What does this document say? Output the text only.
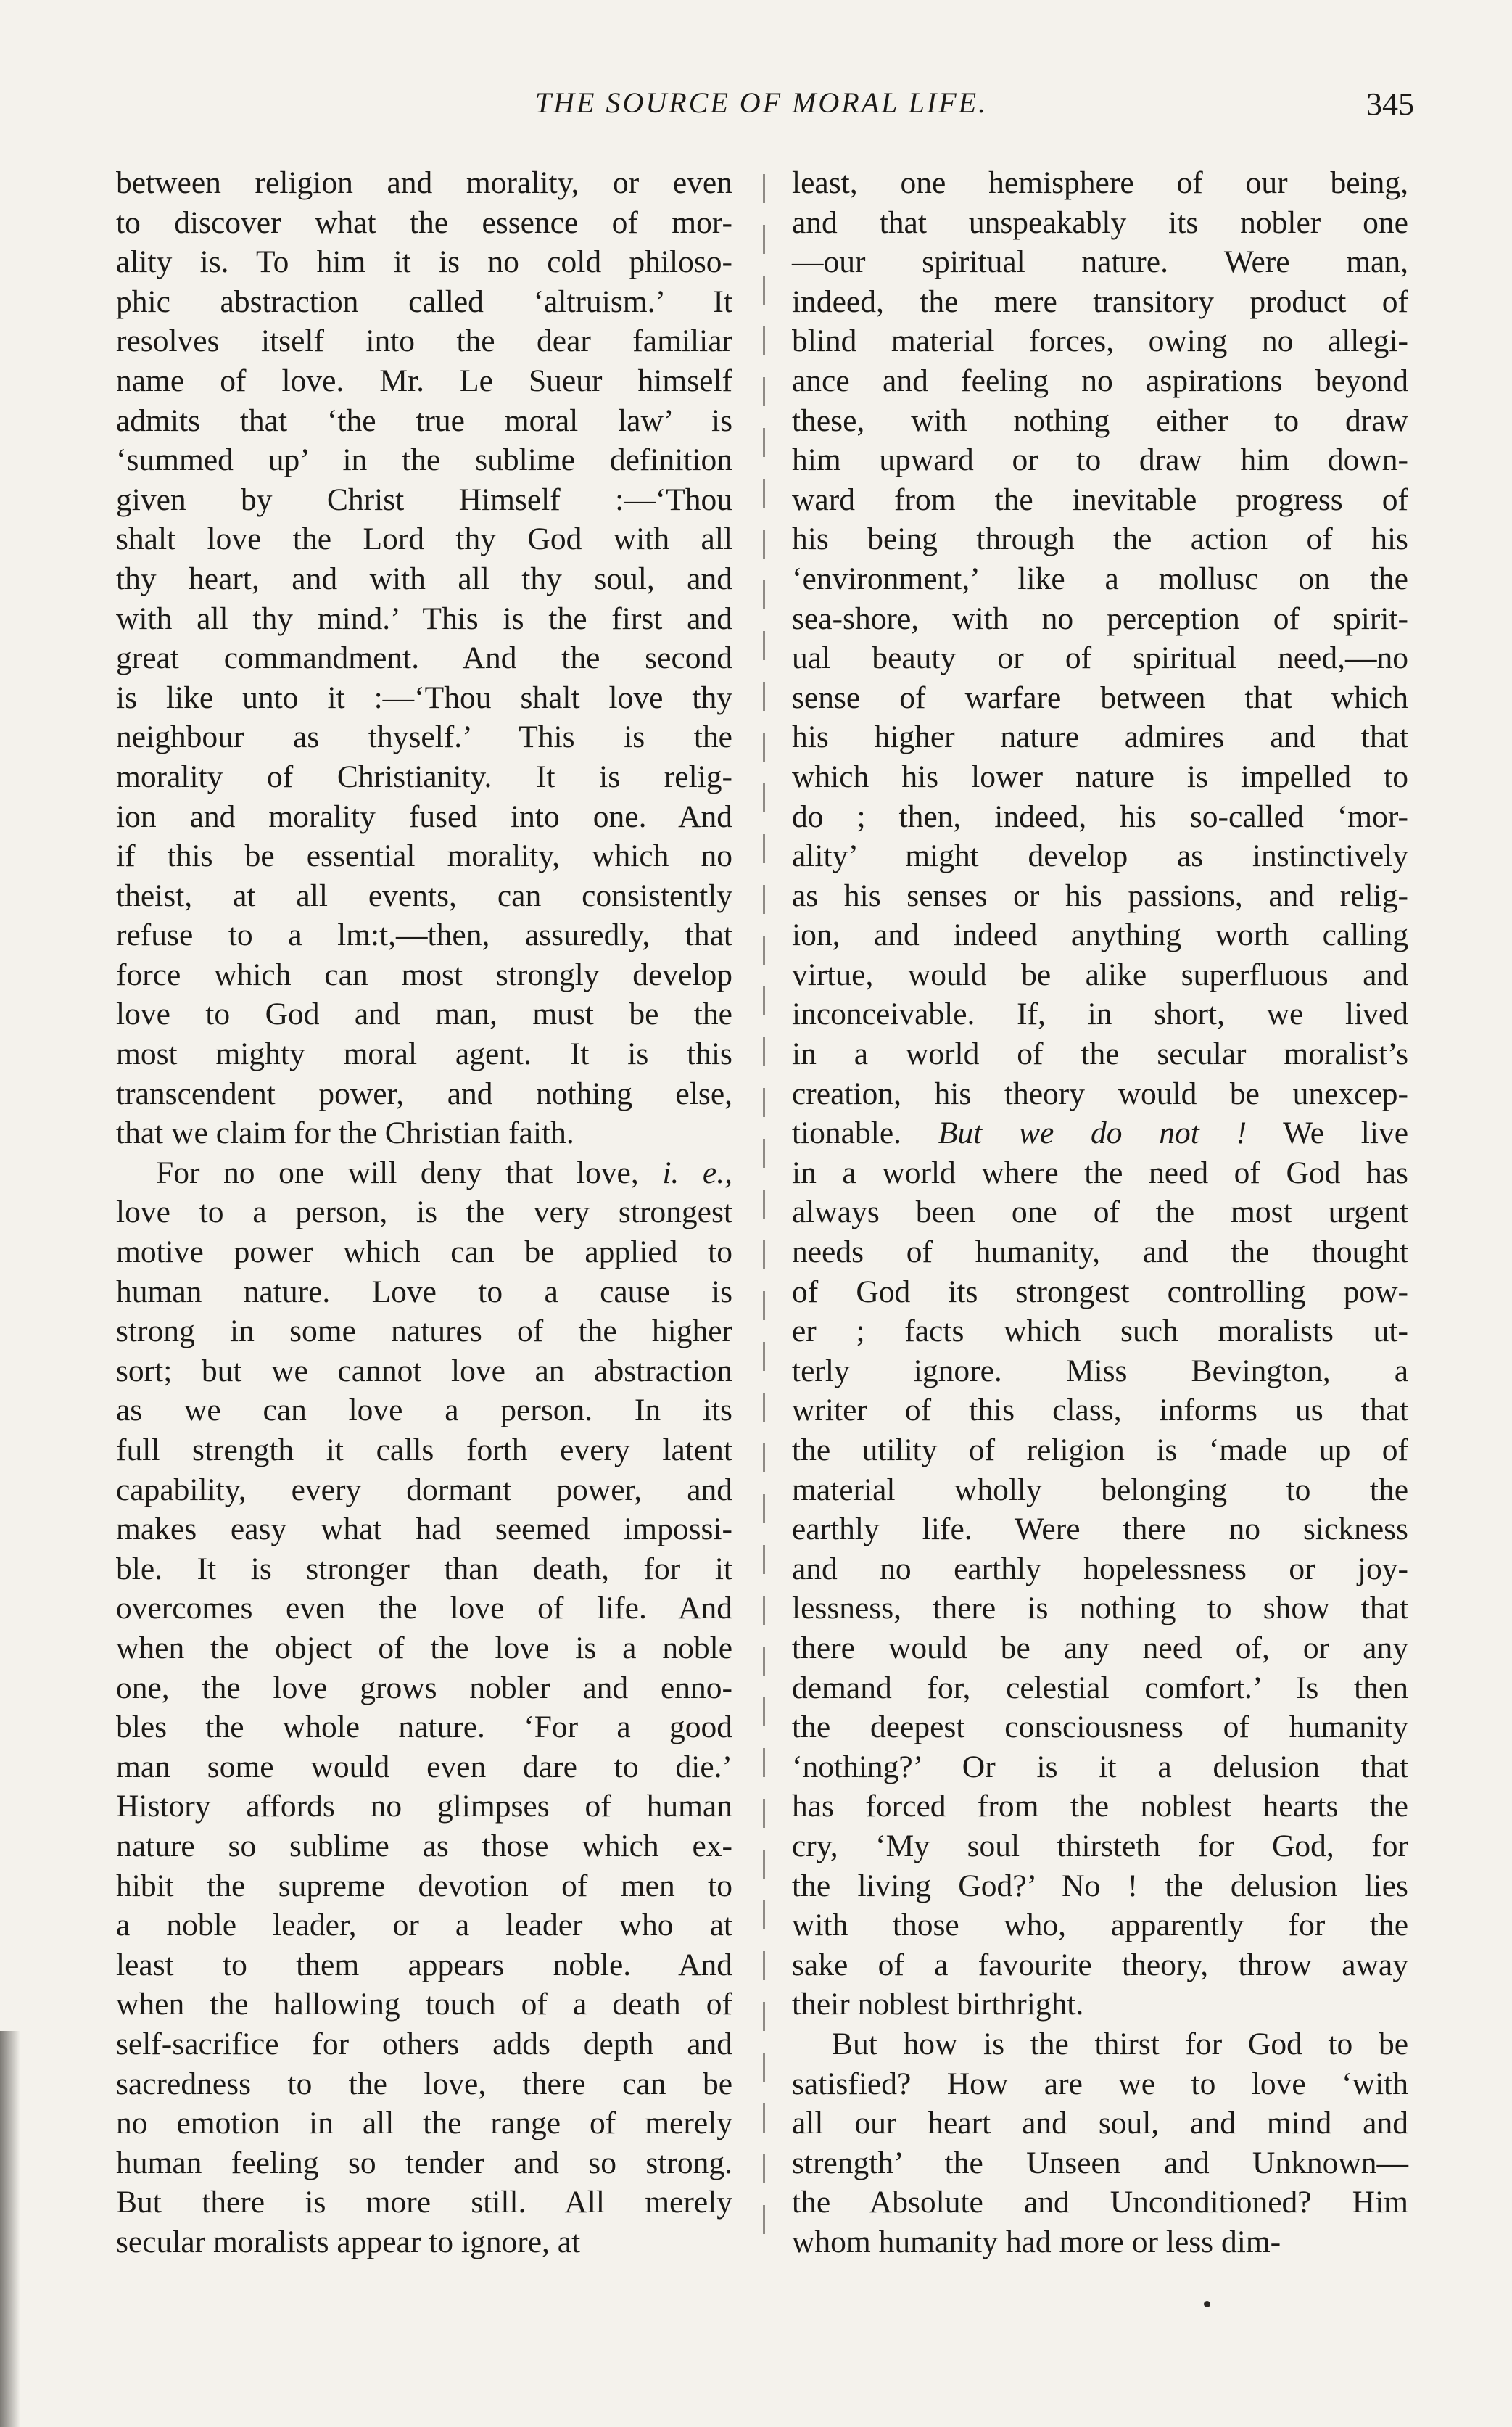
THE SOURCE OF MORAL LIFE.	345
between religion and morality, or even
to discover what the essence of mor-
ality is. To him it is no cold philoso-
phic abstraction called ‘altruism.’ It
resolves itself into the dear familiar
name of love. Mr. Le Sueur himself
admits that ‘the true moral law’ is
‘summed up’ in the sublime definition
given by Christ Himself :—‘Thou
shalt love the Lord thy God with all
thy heart, and with all thy soul, and
with all thy mind.’ This is the first and
great commandment. And the second
is like unto it :—‘Thou shalt love thy
neighbour as thyself.’ This is the
morality of Christianity. It is relig-
ion and morality fused into one. And
if this be essential morality, which no
theist, at all events, can consistently
refuse to a lm:t,—then, assuredly, that
force which can most strongly develop
love to God and man, must be the
most mighty moral agent. It is this
transcendent power, and nothing else,
that we claim for the Christian faith.
For no one will deny that love, i. e.,
love to a person, is the very strongest
motive power which can be applied to
human nature. Love to a cause is
strong in some natures of the higher
sort; but we cannot love an abstraction
as we can love a person. In its
full strength it calls forth every latent
capability, every dormant power, and
makes easy what had seemed impossi-
ble. It is stronger than death, for it
overcomes even the love of life. And
when the object of the love is a noble
one, the love grows nobler and enno-
bles the whole nature. ‘For a good
man some would even dare to die.’
History affords no glimpses of human
nature so sublime as those which ex-
hibit the supreme devotion of men to
a noble leader, or a leader who at
least to them appears noble. And
when the hallowing touch of a death of
self-sacrifice for others adds depth and
sacredness to the love, there can be
no emotion in all the range of merely
human feeling so tender and so strong.
But there is more still. All merely
secular moralists appear to ignore, at
least, one hemisphere of our being,
and that unspeakably its nobler one
—our spiritual nature. Were man,
indeed, the mere transitory product of
blind material forces, owing no allegi-
ance and feeling no aspirations beyond
these, with nothing either to draw
him upward or to draw him down-
ward from the inevitable progress of
his being through the action of his
‘environment,’ like a mollusc on the
sea-shore, with no perception of spirit-
ual beauty or of spiritual need,—no
sense of warfare between that which
his higher nature admires and that
which his lower nature is impelled to
do ; then, indeed, his so-called ‘mor-
ality’ might develop as instinctively
as his senses or his passions, and relig-
ion, and indeed anything worth calling
virtue, would be alike superfluous and
inconceivable. If, in short, we lived
in a world of the secular moralist’s
creation, his theory would be unexcep-
tionable. But we do not ! We live
in a world where the need of God has
always been one of the most urgent
needs of humanity, and the thought
of God its strongest controlling pow-
er ; facts which such moralists ut-
terly ignore. Miss Bevington, a
writer of this class, informs us that
the utility of religion is ‘made up of
material wholly belonging to the
earthly life. Were there no sickness
and no earthly hopelessness or joy-
lessness, there is nothing to show that
there would be any need of, or any
demand for, celestial comfort.’ Is then
the deepest consciousness of humanity
‘nothing?’ Or is it a delusion that
has forced from the noblest hearts the
cry, ‘My soul thirsteth for God, for
the living God?’ No ! the delusion lies
with those who, apparently for the
sake of a favourite theory, throw away
their noblest birthright.
But how is the thirst for God to be
satisfied? How are we to love ‘with
all our heart and soul, and mind and
strength’ the Unseen and Unknown—
the Absolute and Unconditioned? Him
whom humanity had more or less dim-
